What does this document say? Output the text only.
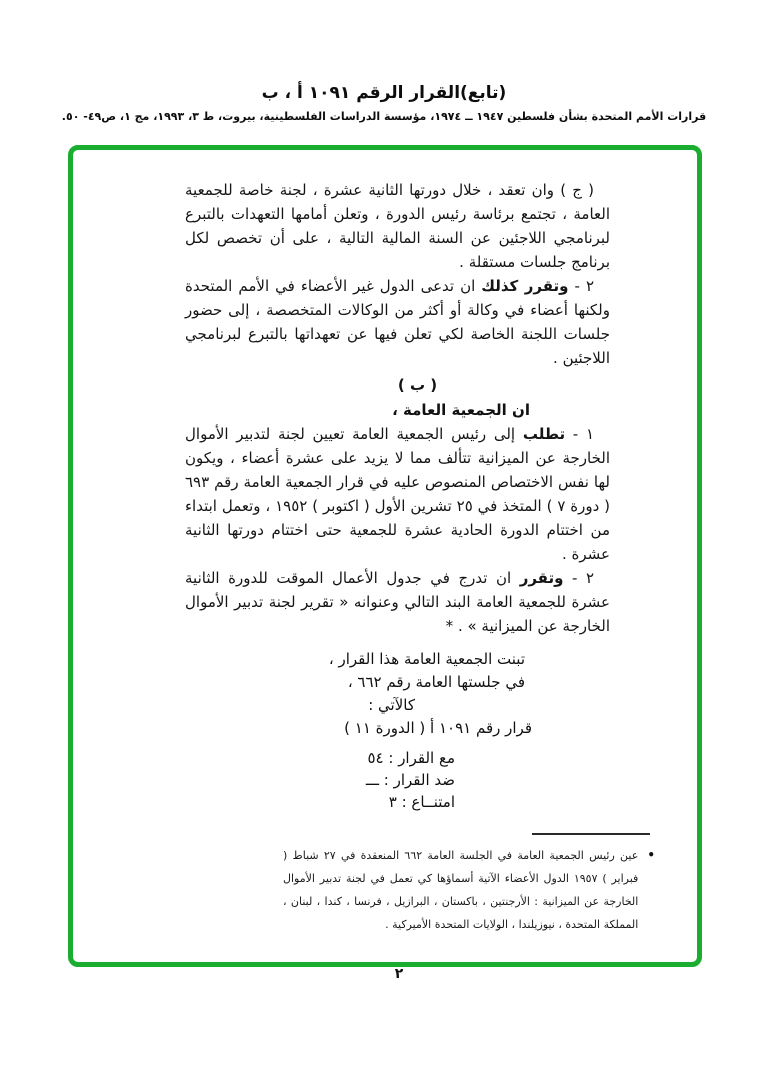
(تابع)القرار الرقم ١٠٩١ أ ، ب
قرارات الأمم المتحدة بشأن فلسطين ١٩٤٧ ــ ١٩٧٤، مؤسسة الدراسات الفلسطينية، بيروت، ط ٣، ١٩٩٣، مج ١، ص٤٩- ٥٠.

( ج ) وان تعقد ، خلال دورتها الثانية عشرة ، لجنة خاصة للجمعية العامة ، تجتمع برئاسة رئيس الدورة ، وتعلن أمامها التعهدات بالتبرع لبرنامجي اللاجئين عن السنة المالية التالية ، على أن تخصص لكل برنامج جلسات مستقلة .

٢ - وتقرر كذلك ان تدعى الدول غير الأعضاء في الأمم المتحدة ولكنها أعضاء في وكالة أو أكثر من الوكالات المتخصصة ، إلى حضور جلسات اللجنة الخاصة لكي تعلن فيها عن تعهداتها بالتبرع لبرنامجي اللاجئين .

( ب )
ان الجمعية العامة ،

١ - تطلب إلى رئيس الجمعية العامة تعيين لجنة لتدبير الأموال الخارجة عن الميزانية تتألف مما لا يزيد على عشرة أعضاء ، ويكون لها نفس الاختصاص المنصوص عليه في قرار الجمعية العامة رقم ٦٩٣ ( دورة ٧ ) المتخذ في ٢٥ تشرين الأول ( اكتوبر ) ١٩٥٢ ، وتعمل ابتداء من اختتام الدورة الحادية عشرة للجمعية حتى اختتام دورتها الثانية عشرة .

٢ - وتقرر ان تدرج في جدول الأعمال الموقت للدورة الثانية عشرة للجمعية العامة البند التالي وعنوانه « تقرير لجنة تدبير الأموال الخارجة عن الميزانية » . *

تبنت الجمعية العامة هذا القرار ،
في جلستها العامة رقم ٦٦٢ ،
كالآتي :
قرار رقم ١٠٩١ أ ( الدورة ١١ )
مع القرار : ٥٤
ضد القرار : ـــ
امتنــاع : ٣
•
عين رئيس الجمعية العامة في الجلسة العامة ٦٦٢ المنعقدة في ٢٧ شباط ( فبراير ) ١٩٥٧ الدول الأعضاء الآتية أسماؤها كي تعمل في لجنة تدبير الأموال الخارجة عن الميزانية : الأرجنتين ، باكستان ، البرازيل ، فرنسا ، كندا ، لبنان ، المملكة المتحدة ، نيوزيلندا ، الولايات المتحدة الأميركية .
٢
